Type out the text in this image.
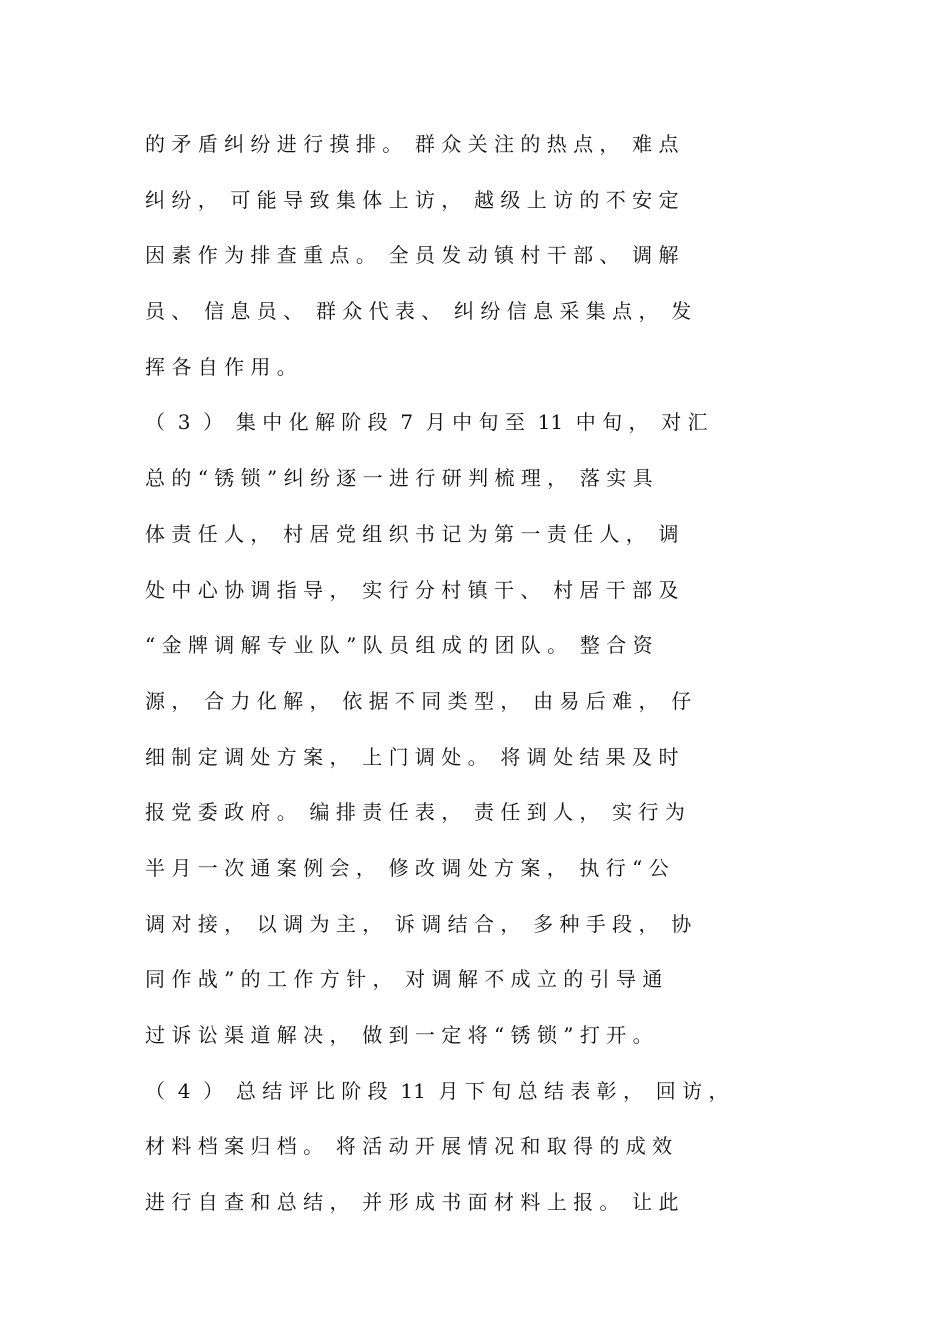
的 矛 盾 纠 纷 进 行 摸 排 。  群 众 关 注 的 热 点 ，  难 点
纠 纷 ，  可 能 导 致 集 体 上 访 ，  越 级 上 访 的 不 安 定
因 素 作 为 排 查 重 点 。  全 员 发 动 镇 村 干 部 、  调 解
员 、  信 息 员 、  群 众 代 表 、  纠 纷 信 息 采 集 点 ，  发
挥 各 自 作 用 。
（  3  ）  集 中 化 解 阶 段  7  月 中 旬 至  11  中 旬 ，  对 汇
总 的 “ 锈 锁 ” 纠 纷 逐 一 进 行 研 判 梳 理 ，  落 实 具
体 责 任 人 ，  村 居 党 组 织 书 记 为 第 一 责 任 人 ，  调
处 中 心 协 调 指 导 ，  实 行 分 村 镇 干 、  村 居 干 部 及
“ 金 牌 调 解 专 业 队 ” 队 员 组 成 的 团 队 。  整 合 资
源 ，  合 力 化 解 ，  依 据 不 同 类 型 ，  由 易 后 难 ，  仔
细 制 定 调 处 方 案 ，  上 门 调 处 。  将 调 处 结 果 及 时
报 党 委 政 府 。  编 排 责 任 表 ，  责 任 到 人 ，  实 行 为
半 月 一 次 通 案 例 会 ，  修 改 调 处 方 案 ，  执 行 “ 公
调 对 接 ，  以 调 为 主 ，  诉 调 结 合 ，  多 种 手 段 ，  协
同 作 战 ” 的 工 作 方 针 ，  对 调 解 不 成 立 的 引 导 通
过 诉 讼 渠 道 解 决 ，  做 到 一 定 将 “ 锈 锁 ” 打 开 。
（  4  ）  总 结 评 比 阶 段  11  月 下 旬 总 结 表 彰 ，  回 访 ，
材 料 档 案 归 档 。  将 活 动 开 展 情 况 和 取 得 的 成 效
进 行 自 查 和 总 结 ，  并 形 成 书 面 材 料 上 报 。  让 此
